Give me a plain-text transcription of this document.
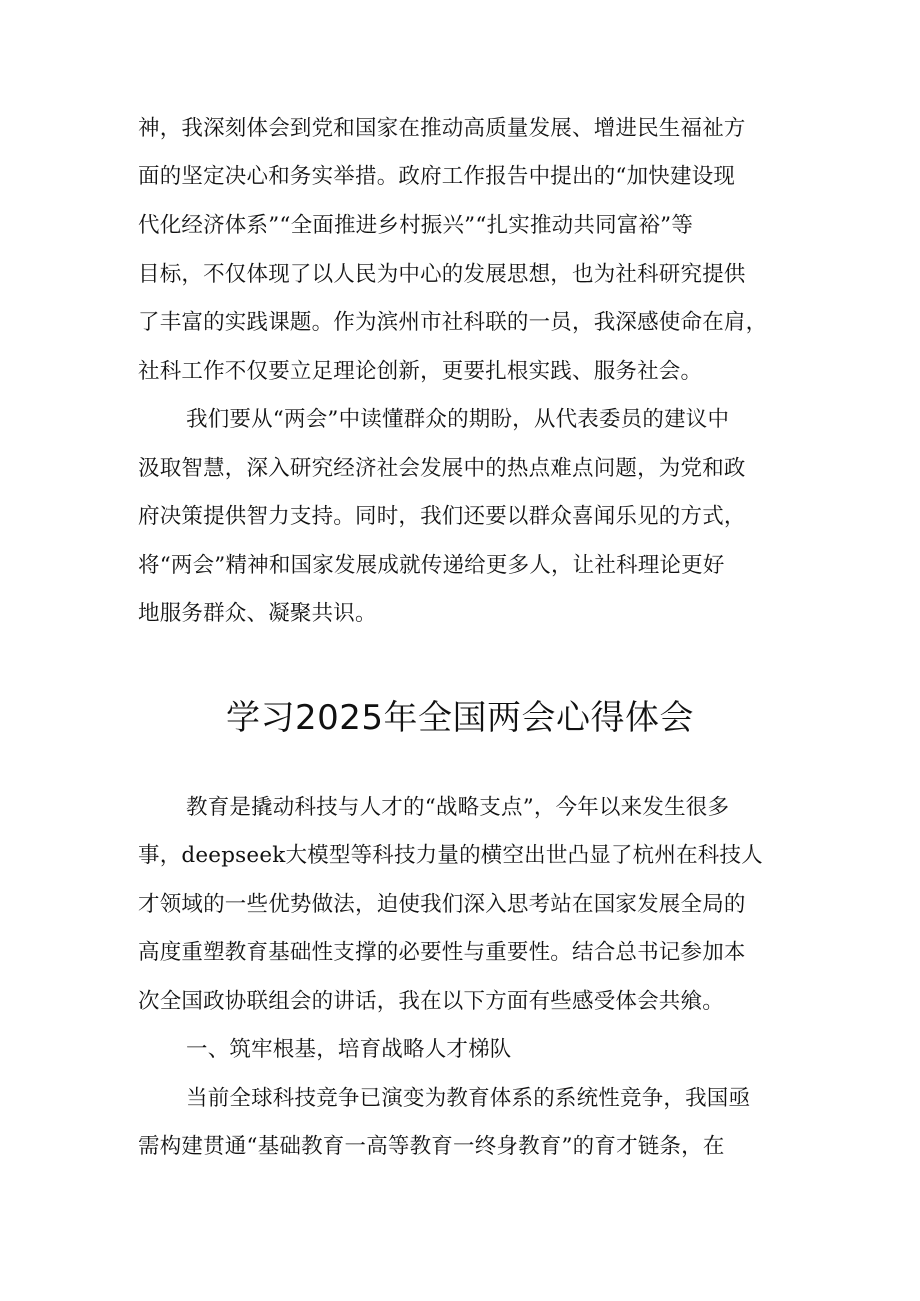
神，我深刻体会到党和国家在推动高质量发展、增进民生福祉方
面的坚定决心和务实举措。政府工作报告中提出的“加快建设现
代化经济体系”“全面推进乡村振兴”“扎实推动共同富裕”等
目标，不仅体现了以人民为中心的发展思想，也为社科研究提供
了丰富的实践课题。作为滨州市社科联的一员，我深感使命在肩，
社科工作不仅要立足理论创新，更要扎根实践、服务社会。
我们要从“两会”中读懂群众的期盼，从代表委员的建议中
汲取智慧，深入研究经济社会发展中的热点难点问题，为党和政
府决策提供智力支持。同时，我们还要以群众喜闻乐见的方式，
将“两会”精神和国家发展成就传递给更多人，让社科理论更好
地服务群众、凝聚共识。
学习2025年全国两会心得体会
教育是撬动科技与人才的“战略支点”，今年以来发生很多
事，deepseek大模型等科技力量的横空出世凸显了杭州在科技人
才领域的一些优势做法，迫使我们深入思考站在国家发展全局的
高度重塑教育基础性支撑的必要性与重要性。结合总书记参加本
次全国政协联组会的讲话，我在以下方面有些感受体会共飨。
一、筑牢根基，培育战略人才梯队
当前全球科技竞争已演变为教育体系的系统性竞争，我国亟
需构建贯通“基础教育一高等教育一终身教育”的育才链条，在
